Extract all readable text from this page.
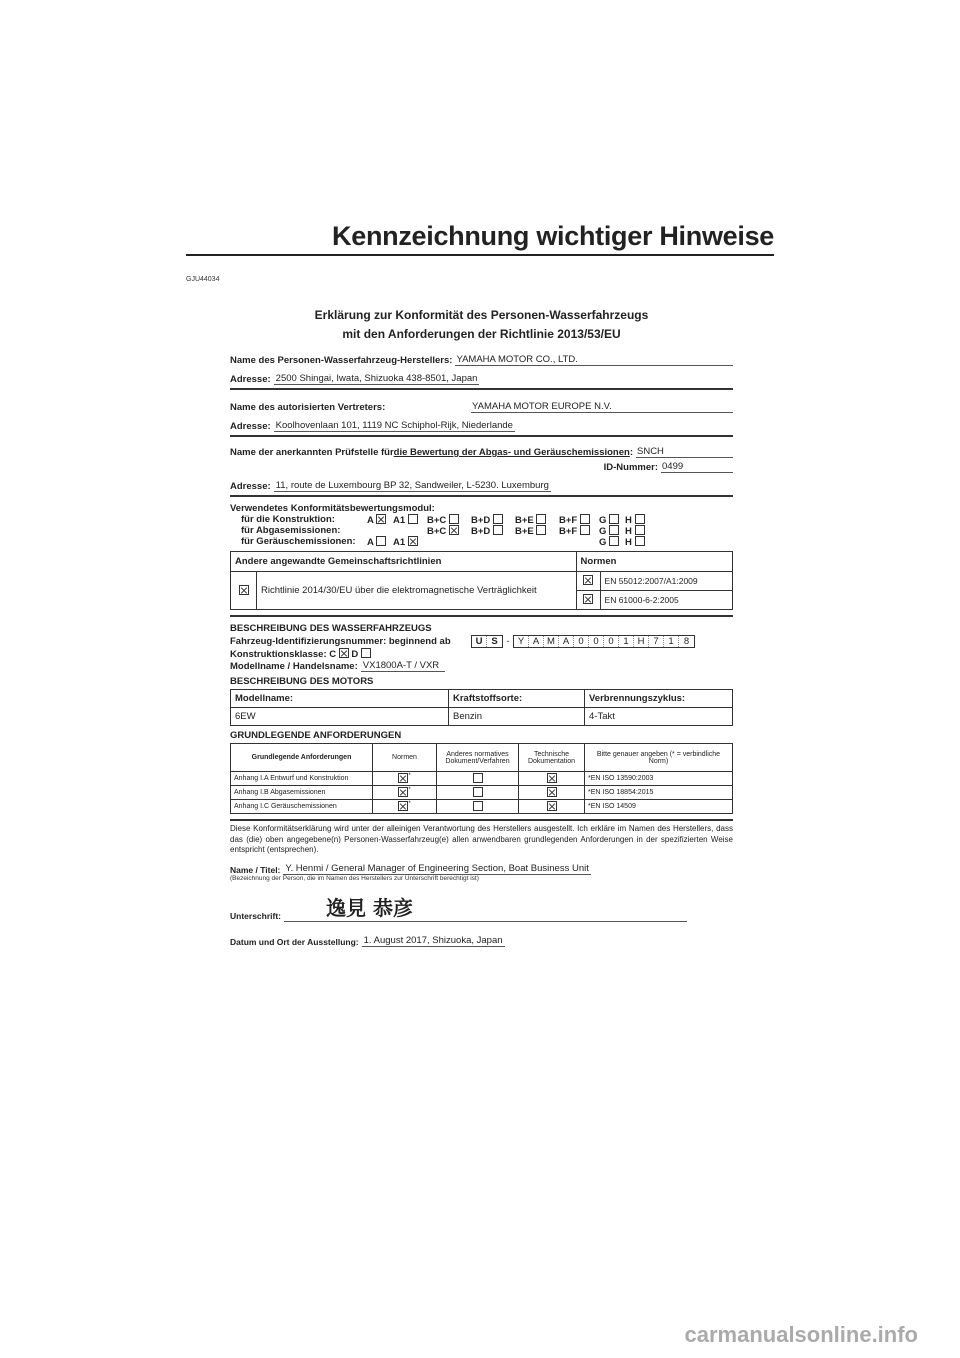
Kennzeichnung wichtiger Hinweise
GJU44034
Erklärung zur Konformität des Personen-Wasserfahrzeugs
mit den Anforderungen der Richtlinie 2013/53/EU
Name des Personen-Wasserfahrzeug-Herstellers: YAMAHA MOTOR CO., LTD.
Adresse: 2500 Shingai, Iwata, Shizuoka 438-8501, Japan
Name des autorisierten Vertreters:	YAMAHA MOTOR EUROPE N.V.
Adresse: Koolhovenlaan 101, 1119 NC Schiphol-Rijk, Niederlande
Name der anerkannten Prüfstelle für die Bewertung der Abgas- und Geräuschemissionen : SNCH
ID-Nummer: 0499
Adresse: 11, route de Luxembourg BP 32, Sandweiler, L-5230. Luxemburg
Verwendetes Konformitätsbewertungsmodul:
für die Konstruktion:	A	A1	B+C	B+D	B+E	B+F	G	H
für Abgasemissionen:	B+C	B+D	B+E	B+F	G	H
für Geräuschemissionen: A	A1	G	H
Andere angewandte Gemeinschaftsrichtlinien		Normen	
	Richtlinie 2014/30/EU über die elektromagnetische Verträglichkeit		EN 55012:2007/A1:2009
			EN 61000-6-2:2005
BESCHREIBUNG DES WASSERFAHRZEUGS
Fahrzeug-Identifizierungsnummer: beginnend ab	U S - Y A M A 0	0	0	1 H 7	1	8
Konstruktionsklasse: C D
Modellname / Handelsname: VX1800A-T / VXR
BESCHREIBUNG DES MOTORS
Modellname:	Kraftstoffsorte:	Verbrennungszyklus:
6EW	Benzin	4-Takt
GRUNDLEGENDE ANFORDERUNGEN
Grundlegende Anforderungen	Normen	Anderes normatives Dokument/Verfahren	Technische Dokumentation	Bitte genauer angeben (* = verbindliche Norm)
Anhang I.A Entwurf und Konstruktion	*			*EN ISO 13590:2003
Anhang I.B Abgasemissionen	*			*EN ISO 18854:2015
Anhang I.C Geräuschemissionen	*			*EN ISO 14509
Diese Konformitätserklärung wird unter der alleinigen Verantwortung des Herstellers ausgestellt. Ich erkläre im Namen des Herstellers, dass das (die) oben angegebene(n) Personen-Wasserfahrzeug(e) allen anwendbaren grundlegenden Anforderungen in der spezifizierten Weise entspricht (entsprechen).
Name / Titel: Y. Henmi / General Manager of Engineering Section, Boat Business Unit
(Bezeichnung der Person, die im Namen des Herstellers zur Unterschrift berechtigt ist)
Unterschrift: 逸見 恭彦
Datum und Ort der Ausstellung: 1. August 2017, Shizuoka, Japan
carmanualsonline.info
